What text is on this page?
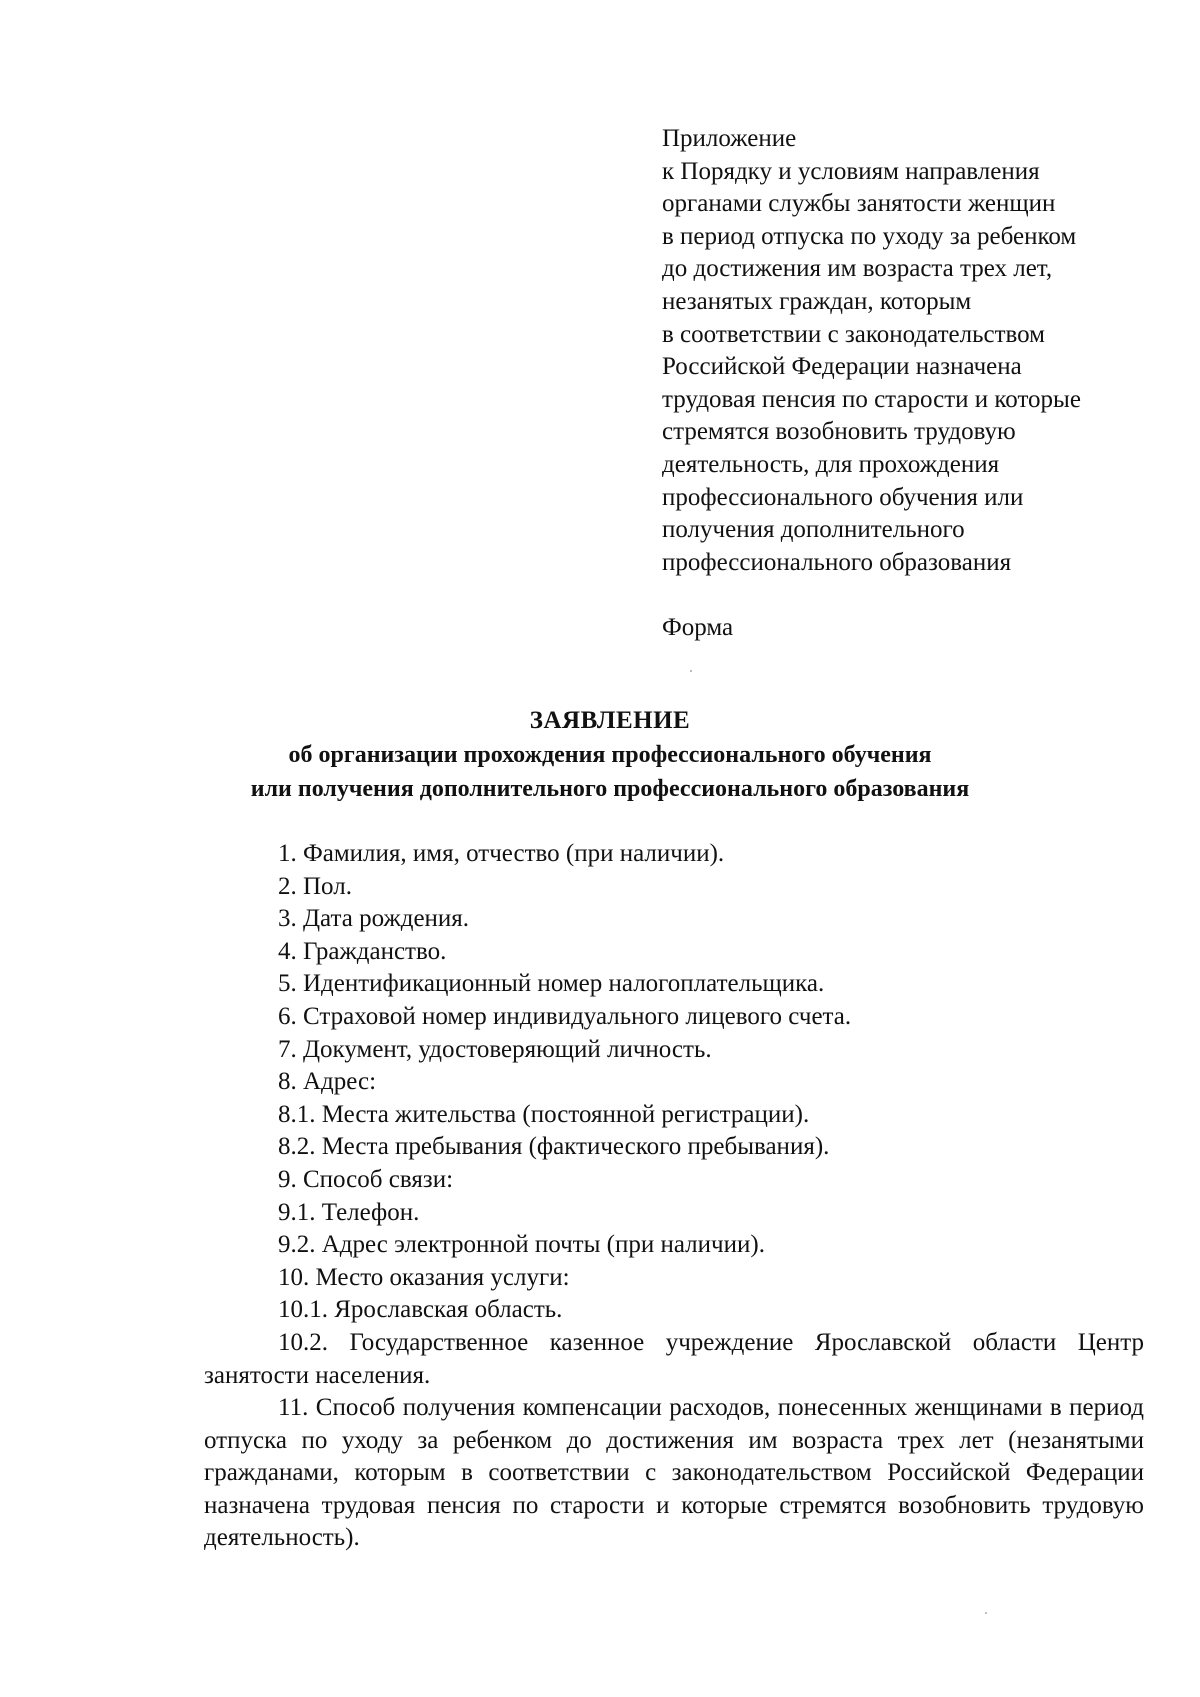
Приложение
к Порядку и условиям направления
органами службы занятости женщин
в период отпуска по уходу за ребенком
до достижения им возраста трех лет,
незанятых граждан, которым
в соответствии с законодательством
Российской Федерации назначена
трудовая пенсия по старости и которые
стремятся возобновить трудовую
деятельность, для прохождения
профессионального обучения или
получения дополнительного
профессионального образования
Форма
ЗАЯВЛЕНИЕ
об организации прохождения профессионального обучения
или получения дополнительного профессионального образования
1. Фамилия, имя, отчество (при наличии).
2. Пол.
3. Дата рождения.
4. Гражданство.
5. Идентификационный номер налогоплательщика.
6. Страховой номер индивидуального лицевого счета.
7. Документ, удостоверяющий личность.
8. Адрес:
8.1. Места жительства (постоянной регистрации).
8.2. Места пребывания (фактического пребывания).
9. Способ связи:
9.1. Телефон.
9.2. Адрес электронной почты (при наличии).
10. Место оказания услуги:
10.1. Ярославская область.
10.2. Государственное казенное учреждение Ярославской области Центр занятости населения.
11. Способ получения компенсации расходов, понесенных женщинами в период отпуска по уходу за ребенком до достижения им возраста трех лет (незанятыми гражданами, которым в соответствии с законодательством Российской Федерации назначена трудовая пенсия по старости и которые стремятся возобновить трудовую деятельность).
